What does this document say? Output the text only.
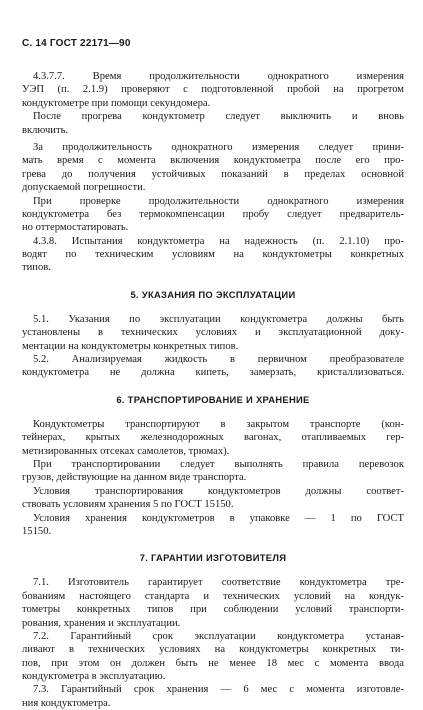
С. 14 ГОСТ 22171—90
4.3.7.7. Время продолжительности однократного измерения
УЭП (п. 2.1.9) проверяют с подготовленной пробой на прогретом
кондуктометре при помощи секундомера.
После прогрева кондуктометр следует выключить и вновь
включить.
За продолжительность однократного измерения следует прини-
мать время с момента включения кондуктометра после его про-
грева до получения устойчивых показаний в пределах основной
допускаемой погрешности.
При проверке продолжительности однократного измерения
кондуктометра без термокомпенсации пробу следует предваритель-
но оттермостатировать.
4.3.8. Испытания кондуктометра на надежность (п. 2.1.10) про-
водят по техническим условиям на кондуктометры конкретных
типов.
5. УКАЗАНИЯ ПО ЭКСПЛУАТАЦИИ
5.1. Указания по эксплуатации кондуктометра должны быть
установлены в технических условиях и эксплуатационной доку-
ментации на кондуктометры конкретных типов.
5.2. Анализируемая жидкость в первичном преобразователе
кондуктометра не должна кипеть, замерзать, кристаллизоваться.
6. ТРАНСПОРТИРОВАНИЕ И ХРАНЕНИЕ
Кондуктометры транспортируют в закрытом транспорте (кон-
тейнерах, крытых железнодорожных вагонах, отапливаемых гер-
метизированных отсеках самолетов, трюмах).
При транспортировании следует выполнять правила перевозок
грузов, действующие на данном виде транспорта.
Условия транспортирования кондуктометров должны соответ-
ствовать условиям хранения 5 по ГОСТ 15150.
Условия хранения кондуктометров в упаковке — 1 по ГОСТ
15150.
7. ГАРАНТИИ ИЗГОТОВИТЕЛЯ
7.1. Изготовитель гарантирует соответствие кондуктометра тре-
бованиям настоящего стандарта и технических условий на кондук-
тометры конкретных типов при соблюдении условий транспорти-
рования, хранения и эксплуатации.
7.2. Гарантийный срок эксплуатации кондуктометра устанав-
ливают в технических условиях на кондуктометры конкретных ти-
пов, при этом он должен быть не менее 18 мес с момента ввода
кондуктометра в эксплуатацию.
7.3. Гарантийный срок хранения — 6 мес с момента изготовле-
ния кондуктометра.
